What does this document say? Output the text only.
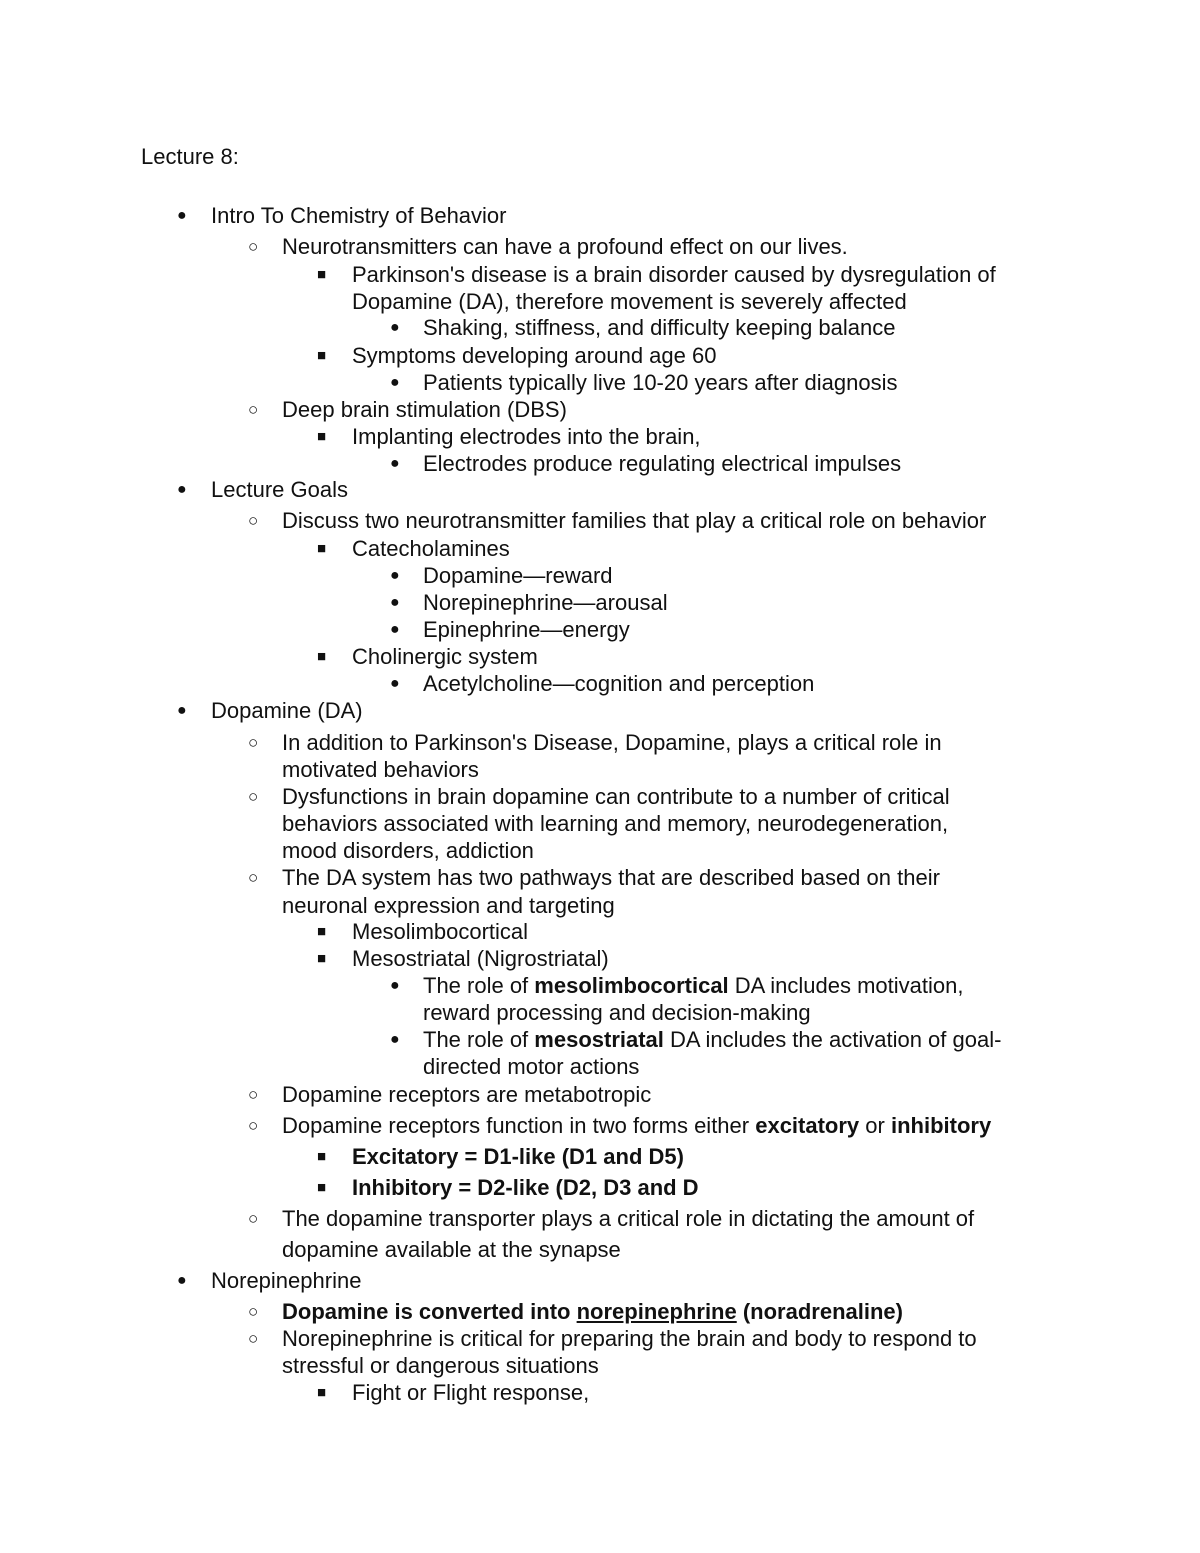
Lecture 8:
● Intro To Chemistry of Behavior
○ Neurotransmitters can have a profound effect on our lives.
■ Parkinson's disease is a brain disorder caused by dysregulation of
Dopamine (DA), therefore movement is severely affected
● Shaking, stiffness, and difficulty keeping balance
■ Symptoms developing around age 60
● Patients typically live 10-20 years after diagnosis
○ Deep brain stimulation (DBS)
■ Implanting electrodes into the brain,
● Electrodes produce regulating electrical impulses
● Lecture Goals
○ Discuss two neurotransmitter families that play a critical role on behavior
■ Catecholamines
● Dopamine—reward
● Norepinephrine—arousal
● Epinephrine—energy
■ Cholinergic system
● Acetylcholine—cognition and perception
● Dopamine (DA)
○ In addition to Parkinson's Disease, Dopamine, plays a critical role in
motivated behaviors
○ Dysfunctions in brain dopamine can contribute to a number of critical
behaviors associated with learning and memory, neurodegeneration,
mood disorders, addiction
○ The DA system has two pathways that are described based on their
neuronal expression and targeting
■ Mesolimbocortical
■ Mesostriatal (Nigrostriatal)
● The role of mesolimbocortical DA includes motivation,
reward processing and decision-making
● The role of mesostriatal DA includes the activation of goal-
directed motor actions
○ Dopamine receptors are metabotropic
○ Dopamine receptors function in two forms either excitatory or inhibitory
■ Excitatory = D1-like (D1 and D5)
■ Inhibitory = D2-like (D2, D3 and D
○ The dopamine transporter plays a critical role in dictating the amount of
dopamine available at the synapse
● Norepinephrine
○ Dopamine is converted into norepinephrine (noradrenaline)
○ Norepinephrine is critical for preparing the brain and body to respond to
stressful or dangerous situations
■ Fight or Flight response,
